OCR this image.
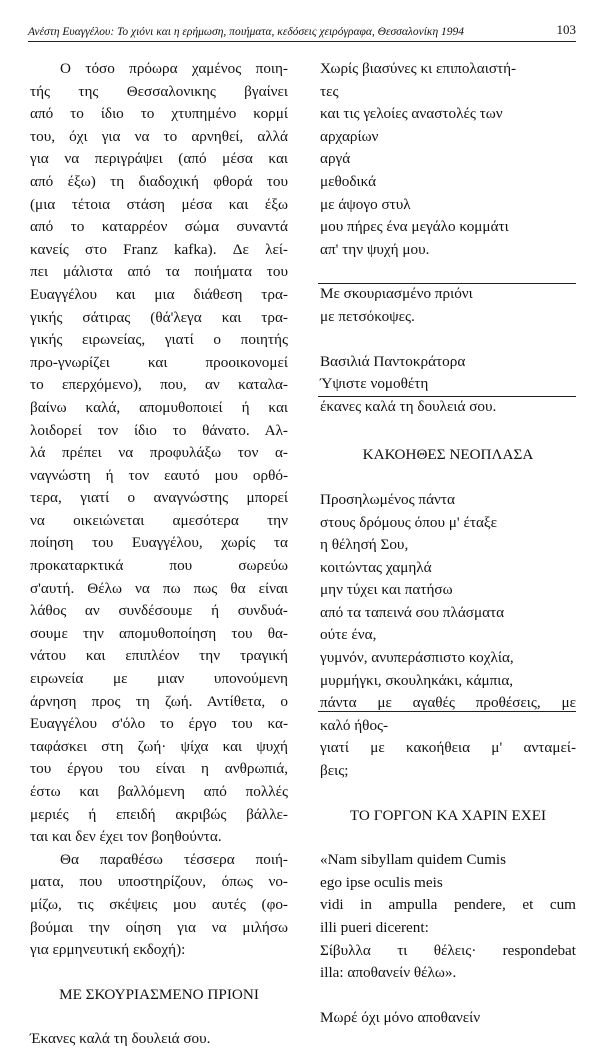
Ανέστη Ευαγγέλου: Το χιόνι και η ερήμωση, ποιήματα, κεδόσεις χειρόγραφα, Θεσσαλονίκη 1994	103
Ο τόσο πρόωρα χαμένος ποιη-
τής της Θεσσαλονικης βγαίνει
από το ίδιο το χτυπημένο κορμί
του, όχι για να το αρνηθεί, αλλά
για να περιγράψει (από μέσα και
από έξω) τη διαδοχική φθορά του
(μια τέτοια στάση μέσα και έξω
από το καταρρέον σώμα συναντά
κανείς στο Franz kafka). Δε λεί-
πει μάλιστα από τα ποιήματα του
Ευαγγέλου και μια διάθεση τρα-
γικής σάτιρας (θά'λεγα και τρα-
γικής ειρωνείας, γιατί ο ποιητής
προ-γνωρίζει και προοικονομεί
το επερχόμενο), που, αν καταλα-
βαίνω καλά, απομυθοποιεί ή και
λοιδορεί τον ίδιο το θάνατο. Αλ-
λά πρέπει να προφυλάξω τον α-
ναγνώστη ή τον εαυτό μου ορθό-
τερα, γιατί ο αναγνώστης μπορεί
να οικειώνεται αμεσότερα την
ποίηση του Ευαγγέλου, χωρίς τα
προκαταρκτικά που σωρεύω
σ'αυτή. Θέλω να πω πως θα είναι
λάθος αν συνδέσουμε ή συνδυά-
σουμε την απομυθοποίηση του θα-
νάτου και επιπλέον την τραγική
ειρωνεία με μιαν υπονούμενη
άρνηση προς τη ζωή. Αντίθετα, ο
Ευαγγέλου σ'όλο το έργο του κα-
ταφάσκει στη ζωή· ψίχα και ψυχή
του έργου του είναι η ανθρωπιά,
έστω και βαλλόμενη από πολλές
μεριές ή επειδή ακριβώς βάλλε-
ται και δεν έχει τον βοηθούντα.
Θα παραθέσω τέσσερα ποιή-
ματα, που υποστηρίζουν, όπως νο-
μίζω, τις σκέψεις μου αυτές (φο-
βούμαι την οίηση για να μιλήσω
για ερμηνευτική εκδοχή):
ΜΕ ΣΚΟΥΡΙΑΣΜΕΝΟ ΠΡΙΟΝΙ
Έκανες καλά τη δουλειά σου.
Χωρίς βιασύνες κι επιπολαιστή-
τες
και τις γελοίες αναστολές των
αρχαρίων
αργά
μεθοδικά
με άψογο στυλ
μου πήρες ένα μεγάλο κομμάτι
απ' την ψυχή μου.
Με σκουριασμένο πριόνι
με πετσόκοψες.
Βασιλιά Παντοκράτορα
Ύψιστε νομοθέτη
έκανες καλά τη δουλειά σου.
ΚΑΚΟΗΘΕΣ ΝΕΟΠΛΑΣΑ
Προσηλωμένος πάντα
στους δρόμους όπου μ' έταξε
η θέλησή Σου,
κοιτώντας χαμηλά
μην τύχει και πατήσω
από τα ταπεινά σου πλάσματα
ούτε ένα,
γυμνόν, ανυπεράσπιστο κοχλία,
μυρμήγκι, σκουληκάκι, κάμπια,
πάντα με αγαθές προθέσεις, με
καλό ήθος-
γιατί με κακοήθεια μ' ανταμεί-
βεις;
ΤΟ ΓΟΡΓΟΝ ΚΑ ΧΑΡΙΝ ΕΧΕΙ
«Nam sibyllam quidem Cumis
ego ipse oculis meis
vidi in ampulla pendere, et cum
illi pueri dicerent:
Σίβυλλα τι θέλεις· respondebat
illa: αποθανείν θέλω».
Μωρέ όχι μόνο αποθανείν
